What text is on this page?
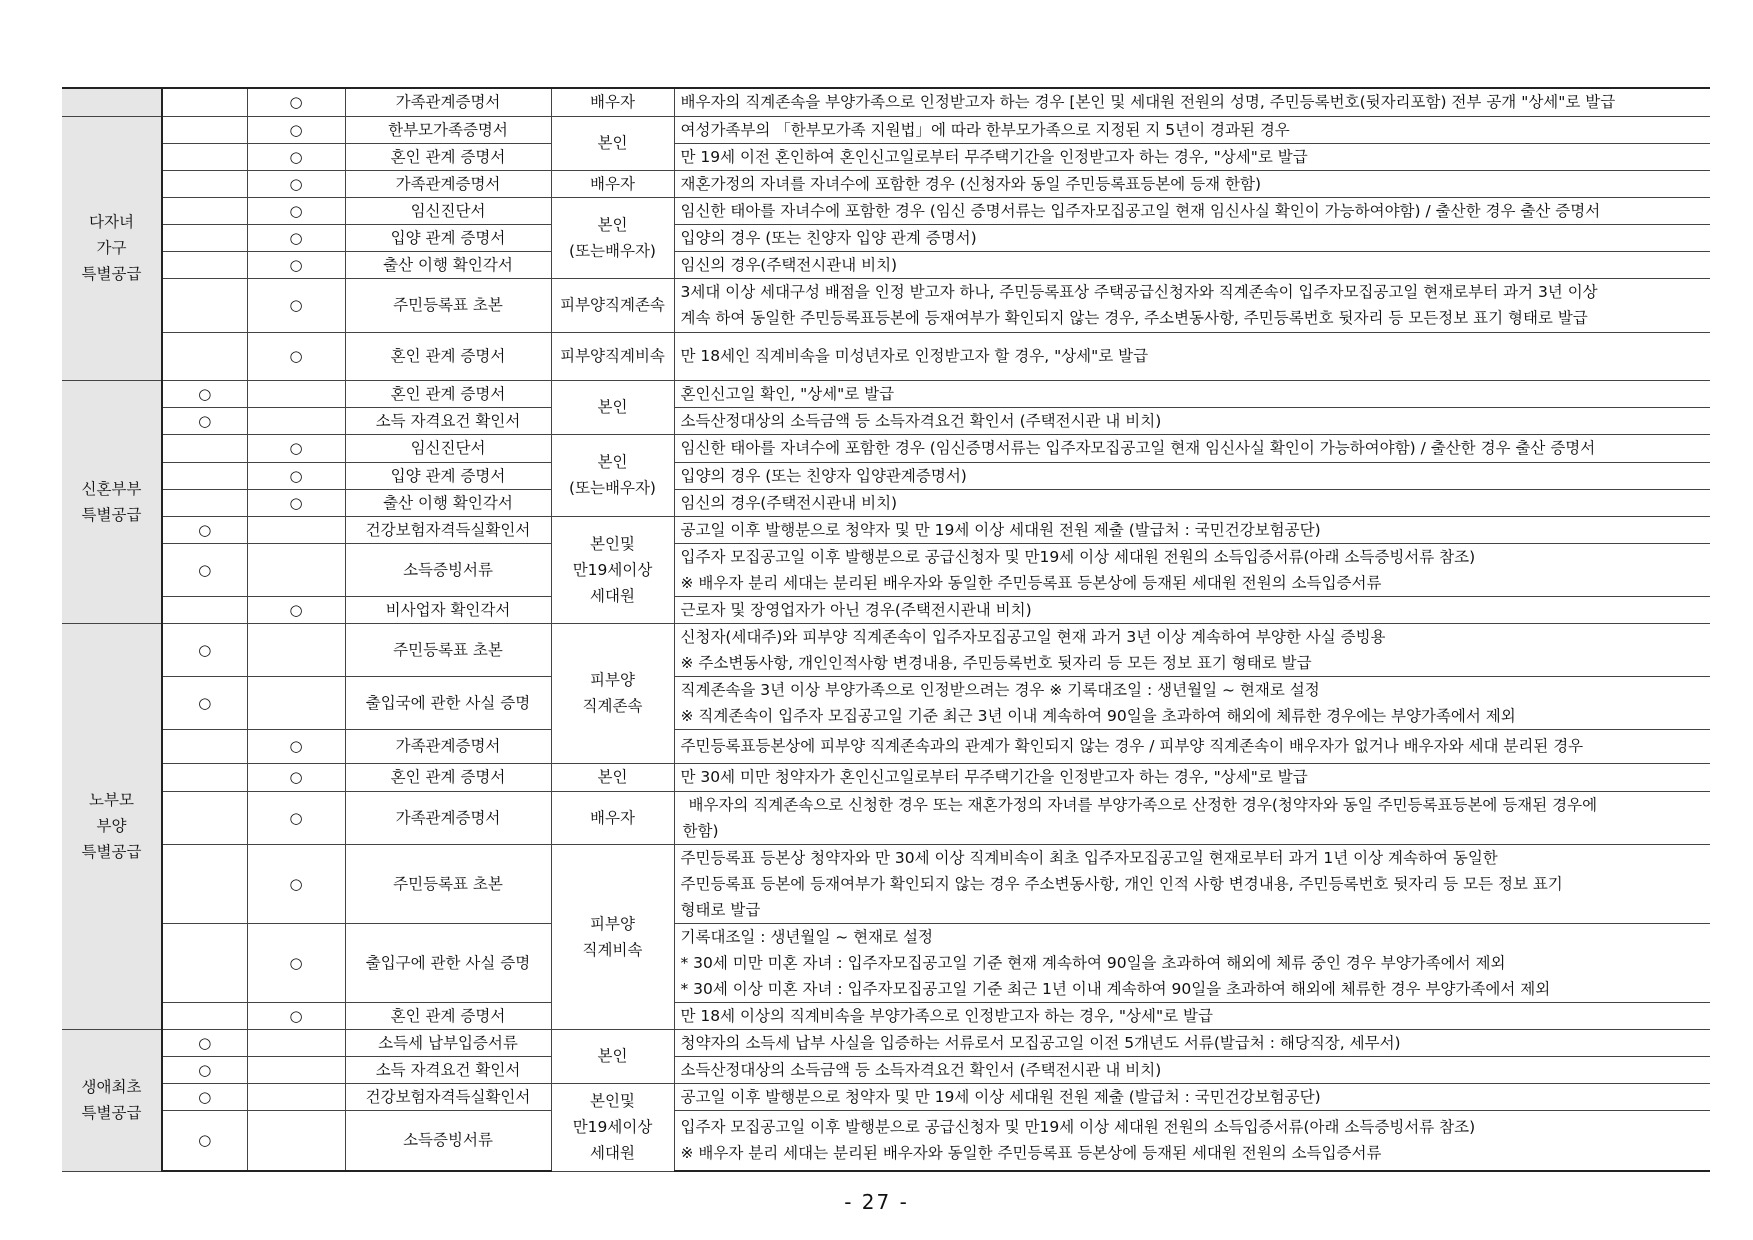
		○	가족관계증명서	배우자	배우자의 직계존속을 부양가족으로 인정받고자 하는 경우 [본인 및 세대원 전원의 성명, 주민등록번호(뒷자리포함) 전부 공개 "상세"로 발급

다자녀
가구
특별공급		○	한부모가족증명서	본인	여성가족부의 「한부모가족 지원법」에 따라 한부모가족으로 지정된 지 5년이 경과된 경우

		○	혼인 관계 증명서		만 19세 이전 혼인하여 혼인신고일로부터 무주택기간을 인정받고자 하는 경우, "상세"로 발급

		○	가족관계증명서	배우자	재혼가정의 자녀를 자녀수에 포함한 경우 (신청자와 동일 주민등록표등본에 등재 한함)

		○	임신진단서	본인
(또는배우자)	임신한 태아를 자녀수에 포함한 경우 (임신 증명서류는 입주자모집공고일 현재 임신사실 확인이 가능하여야함) / 출산한 경우 출산 증명서

		○	입양 관계 증명서		입양의 경우 (또는 친양자 입양 관계 증명서)

		○	출산 이행 확인각서		임신의 경우(주택전시관내 비치)

		○	주민등록표 초본	피부양직계존속	3세대 이상 세대구성 배점을 인정 받고자 하나, 주민등록표상 주택공급신청자와 직계존속이 입주자모집공고일 현재로부터 과거 3년 이상
계속 하여 동일한 주민등록표등본에 등재여부가 확인되지 않는 경우, 주소변동사항, 주민등록번호 뒷자리 등 모든정보 표기 형태로 발급

		○	혼인 관계 증명서	피부양직계비속	만 18세인 직계비속을 미성년자로 인정받고자 할 경우, "상세"로 발급

신혼부부
특별공급	○		혼인 관계 증명서	본인	혼인신고일 확인, "상세"로 발급

	○		소득 자격요건 확인서		소득산정대상의 소득금액 등 소득자격요건 확인서 (주택전시관 내 비치)

		○	임신진단서	본인
(또는배우자)	임신한 태아를 자녀수에 포함한 경우 (임신증명서류는 입주자모집공고일 현재 임신사실 확인이 가능하여야함) / 출산한 경우 출산 증명서

		○	입양 관계 증명서		입양의 경우 (또는 친양자 입양관계증명서)

		○	출산 이행 확인각서		임신의 경우(주택전시관내 비치)

	○		건강보험자격득실확인서	본인및
만19세이상
세대원	공고일 이후 발행분으로 청약자 및 만 19세 이상 세대원 전원 제출 (발급처 : 국민건강보험공단)

	○		소득증빙서류		입주자 모집공고일 이후 발행분으로 공급신청자 및 만19세 이상 세대원 전원의 소득입증서류(아래 소득증빙서류 참조)
※ 배우자 분리 세대는 분리된 배우자와 동일한 주민등록표 등본상에 등재된 세대원 전원의 소득입증서류

		○	비사업자 확인각서		근로자 및 장영업자가 아닌 경우(주택전시관내 비치)

노부모
부양
특별공급	○		주민등록표 초본	피부양
직계존속	신청자(세대주)와 피부양 직계존속이 입주자모집공고일 현재 과거 3년 이상 계속하여 부양한 사실 증빙용
※ 주소변동사항, 개인인적사항 변경내용, 주민등록번호 뒷자리 등 모든 정보 표기 형태로 발급

	○		출입국에 관한 사실 증명		직계존속을 3년 이상 부양가족으로 인정받으려는 경우 ※ 기록대조일 : 생년월일 ~ 현재로 설정
※ 직계존속이 입주자 모집공고일 기준 최근 3년 이내 계속하여 90일을 초과하여 해외에 체류한 경우에는 부양가족에서 제외

		○	가족관계증명서		주민등록표등본상에 피부양 직계존속과의 관계가 확인되지 않는 경우 / 피부양 직계존속이 배우자가 없거나 배우자와 세대 분리된 경우

		○	혼인 관계 증명서	본인	만 30세 미만 청약자가 혼인신고일로부터 무주택기간을 인정받고자 하는 경우, "상세"로 발급

		○	가족관계증명서	배우자	배우자의 직계존속으로 신청한 경우 또는 재혼가정의 자녀를 부양가족으로 산정한 경우(청약자와 동일 주민등록표등본에 등재된 경우에
한함)

		○	주민등록표 초본	피부양
직계비속	주민등록표 등본상 청약자와 만 30세 이상 직계비속이 최초 입주자모집공고일 현재로부터 과거 1년 이상 계속하여 동일한
주민등록표 등본에 등재여부가 확인되지 않는 경우 주소변동사항, 개인 인적 사항 변경내용, 주민등록번호 뒷자리 등 모든 정보 표기
형태로 발급

		○	출입구에 관한 사실 증명		기록대조일 : 생년월일 ~ 현재로 설정
* 30세 미만 미혼 자녀 : 입주자모집공고일 기준 현재 계속하여 90일을 초과하여 해외에 체류 중인 경우 부양가족에서 제외
* 30세 이상 미혼 자녀 : 입주자모집공고일 기준 최근 1년 이내 계속하여 90일을 초과하여 해외에 체류한 경우 부양가족에서 제외

		○	혼인 관계 증명서		만 18세 이상의 직계비속을 부양가족으로 인정받고자 하는 경우, "상세"로 발급

생애최초
특별공급	○		소득세 납부입증서류	본인	청약자의 소득세 납부 사실을 입증하는 서류로서 모집공고일 이전 5개년도 서류(발급처 : 해당직장, 세무서)

	○		소득 자격요건 확인서		소득산정대상의 소득금액 등 소득자격요건 확인서 (주택전시관 내 비치)

	○		건강보험자격득실확인서	본인및
만19세이상
세대원	공고일 이후 발행분으로 청약자 및 만 19세 이상 세대원 전원 제출 (발급처 : 국민건강보험공단)

	○		소득증빙서류		입주자 모집공고일 이후 발행분으로 공급신청자 및 만19세 이상 세대원 전원의 소득입증서류(아래 소득증빙서류 참조)
※ 배우자 분리 세대는 분리된 배우자와 동일한 주민등록표 등본상에 등재된 세대원 전원의 소득입증서류
- 27 -
